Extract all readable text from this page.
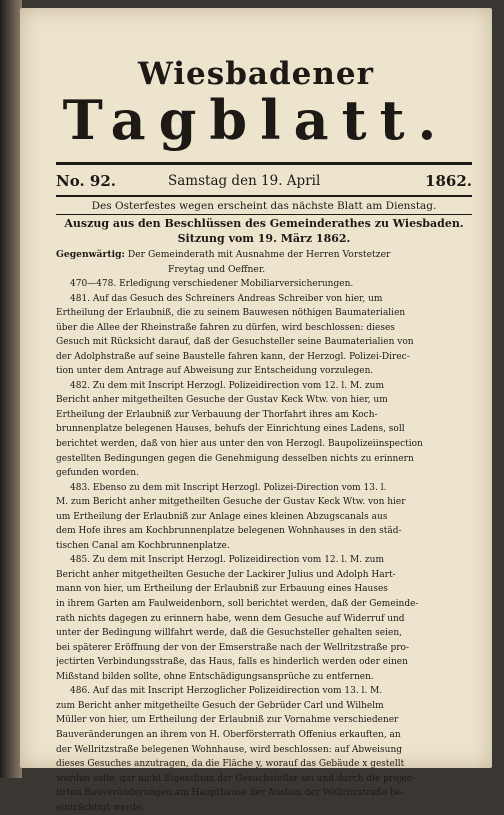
Wiesbadener
Tagblatt.
No. 92.	Samstag den 19. April	1862.
Des Osterfestes wegen erscheint das nächste Blatt am Dienstag.
Auszug aus den Beschlüssen des Gemeinderathes zu Wiesbaden.
Sitzung vom 19. März 1862.
Gegenwärtig: Der Gemeinderath mit Ausnahme der Herren Vorstetzer
Freytag und Oeffner.
470—478. Erledigung verschiedener Mobiliarversicherungen.
481. Auf das Gesuch des Schreiners Andreas Schreiber von hier, um
Ertheilung der Erlaubniß, die zu seinem Bauwesen nöthigen Baumaterialien
über die Allee der Rheinstraße fahren zu dürfen, wird beschlossen: dieses
Gesuch mit Rücksicht darauf, daß der Gesuchsteller seine Baumaterialien von
der Adolphstraße auf seine Baustelle fahren kann, der Herzogl. Polizei-Direc-
tion unter dem Antrage auf Abweisung zur Entscheidung vorzulegen.
482. Zu dem mit Inscript Herzogl. Polizeidirection vom 12. l. M. zum
Bericht anher mitgetheilten Gesuche der Gustav Keck Wtw. von hier, um
Ertheilung der Erlaubniß zur Verbauung der Thorfahrt ihres am Koch-
brunnenplatze belegenen Hauses, behufs der Einrichtung eines Ladens, soll
berichtet werden, daß von hier aus unter den von Herzogl. Baupolizeiinspection
gestellten Bedingungen gegen die Genehmigung desselben nichts zu erinnern
gefunden worden.
483. Ebenso zu dem mit Inscript Herzogl. Polizei-Direction vom 13. l.
M. zum Bericht anher mitgetheilten Gesuche der Gustav Keck Wtw. von hier
um Ertheilung der Erlaubniß zur Anlage eines kleinen Abzugscanals aus
dem Hofe ihres am Kochbrunnenplatze belegenen Wohnhauses in den städ-
tischen Canal am Kochbrunnenplatze.
485. Zu dem mit Inscript Herzogl. Polizeidirection vom 12. l. M. zum
Bericht anher mitgetheilten Gesuche der Lackirer Julius und Adolph Hart-
mann von hier, um Ertheilung der Erlaubniß zur Erbauung eines Hauses
in ihrem Garten am Faulweidenborn, soll berichtet werden, daß der Gemeinde-
rath nichts dagegen zu erinnern habe, wenn dem Gesuche auf Widerruf und
unter der Bedingung willfahrt werde, daß die Gesuchsteller gehalten seien,
bei späterer Eröffnung der von der Emserstraße nach der Wellritzstraße pro-
jectirten Verbindungsstraße, das Haus, falls es hinderlich werden oder einen
Mißstand bilden sollte, ohne Entschädigungsansprüche zu entfernen.
486. Auf das mit Inscript Herzoglicher Polizeidirection vom 13. l. M.
zum Bericht anher mitgetheilte Gesuch der Gebrüder Carl und Wilhelm
Müller von hier, um Ertheilung der Erlaubniß zur Vornahme verschiedener
Bauveränderungen an ihrem von H. Oberförsterrath Offenius erkauften, an
der Wellritzstraße belegenen Wohnhause, wird beschlossen: auf Abweisung
dieses Gesuches anzutragen, da die Fläche y, worauf das Gebäude x gestellt
werden solle, gar nicht Eigenthum der Gesuchsteller sei und durch die projec-
tirten Bauveränderungen am Haupthause der Ausbau der Wellritzstraße be-
einträchtigt werde.
